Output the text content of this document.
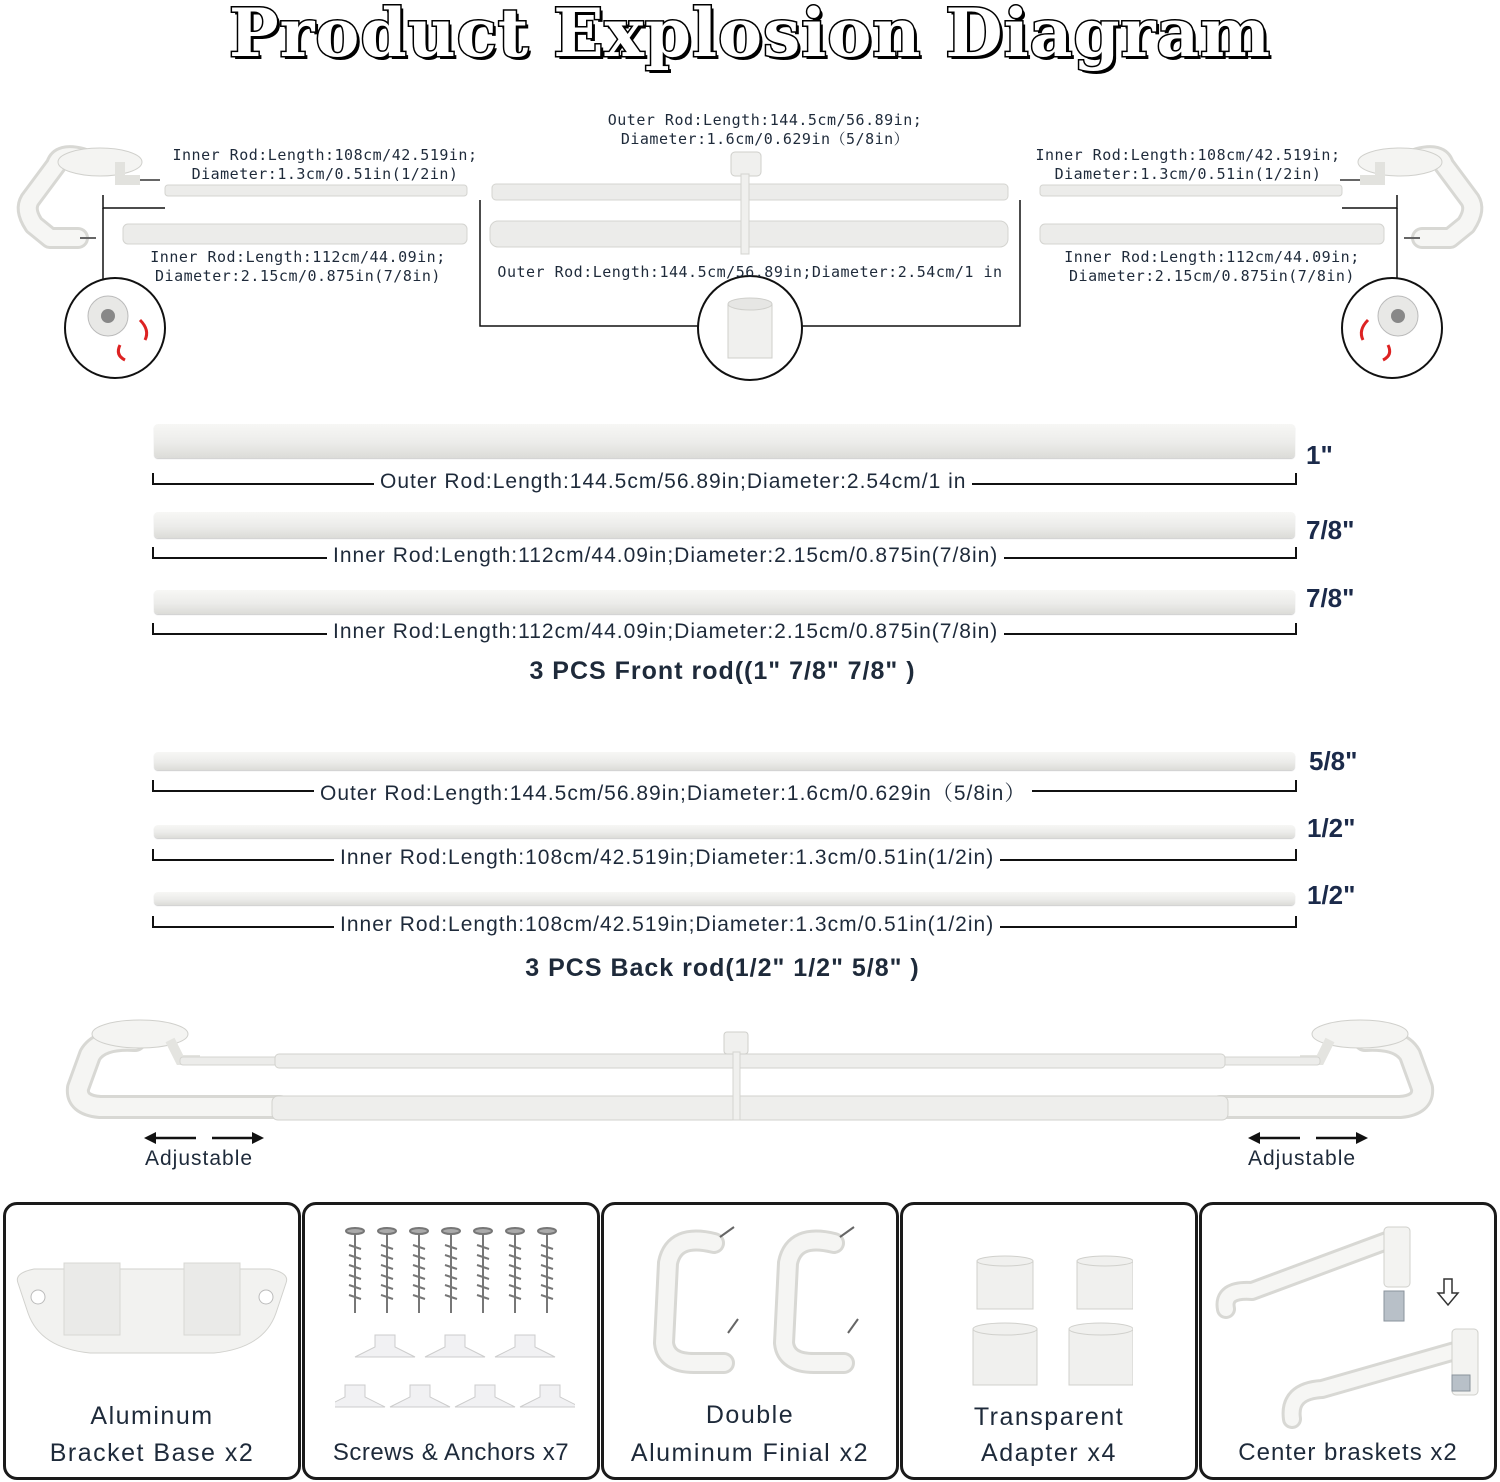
Product Explosion Diagram
Outer Rod:Length:144.5cm/56.89in;
Diameter:1.6cm/0.629in（5/8in）
Inner Rod:Length:108cm/42.519in;
Diameter:1.3cm/0.51in(1/2in)
Inner Rod:Length:108cm/42.519in;
Diameter:1.3cm/0.51in(1/2in)
Inner Rod:Length:112cm/44.09in;
Diameter:2.15cm/0.875in(7/8in)
Inner Rod:Length:112cm/44.09in;
Diameter:2.15cm/0.875in(7/8in)
Outer Rod:Length:144.5cm/56.89in;Diameter:2.54cm/1 in
Outer Rod:Length:144.5cm/56.89in;Diameter:2.54cm/1 in
1"
Inner Rod:Length:112cm/44.09in;Diameter:2.15cm/0.875in(7/8in)
7/8"
Inner Rod:Length:112cm/44.09in;Diameter:2.15cm/0.875in(7/8in)
7/8"
3 PCS Front rod((1" 7/8" 7/8" )
Outer Rod:Length:144.5cm/56.89in;Diameter:1.6cm/0.629in（5/8in）
5/8"
Inner Rod:Length:108cm/42.519in;Diameter:1.3cm/0.51in(1/2in)
1/2"
Inner Rod:Length:108cm/42.519in;Diameter:1.3cm/0.51in(1/2in)
1/2"
3 PCS Back rod(1/2" 1/2" 5/8" )
Adjustable	Adjustable
Aluminum
Bracket Base x2	Screws & Anchors x7
Double
Aluminum Finial x2
Transparent
Adapter x4	Center braskets x2
